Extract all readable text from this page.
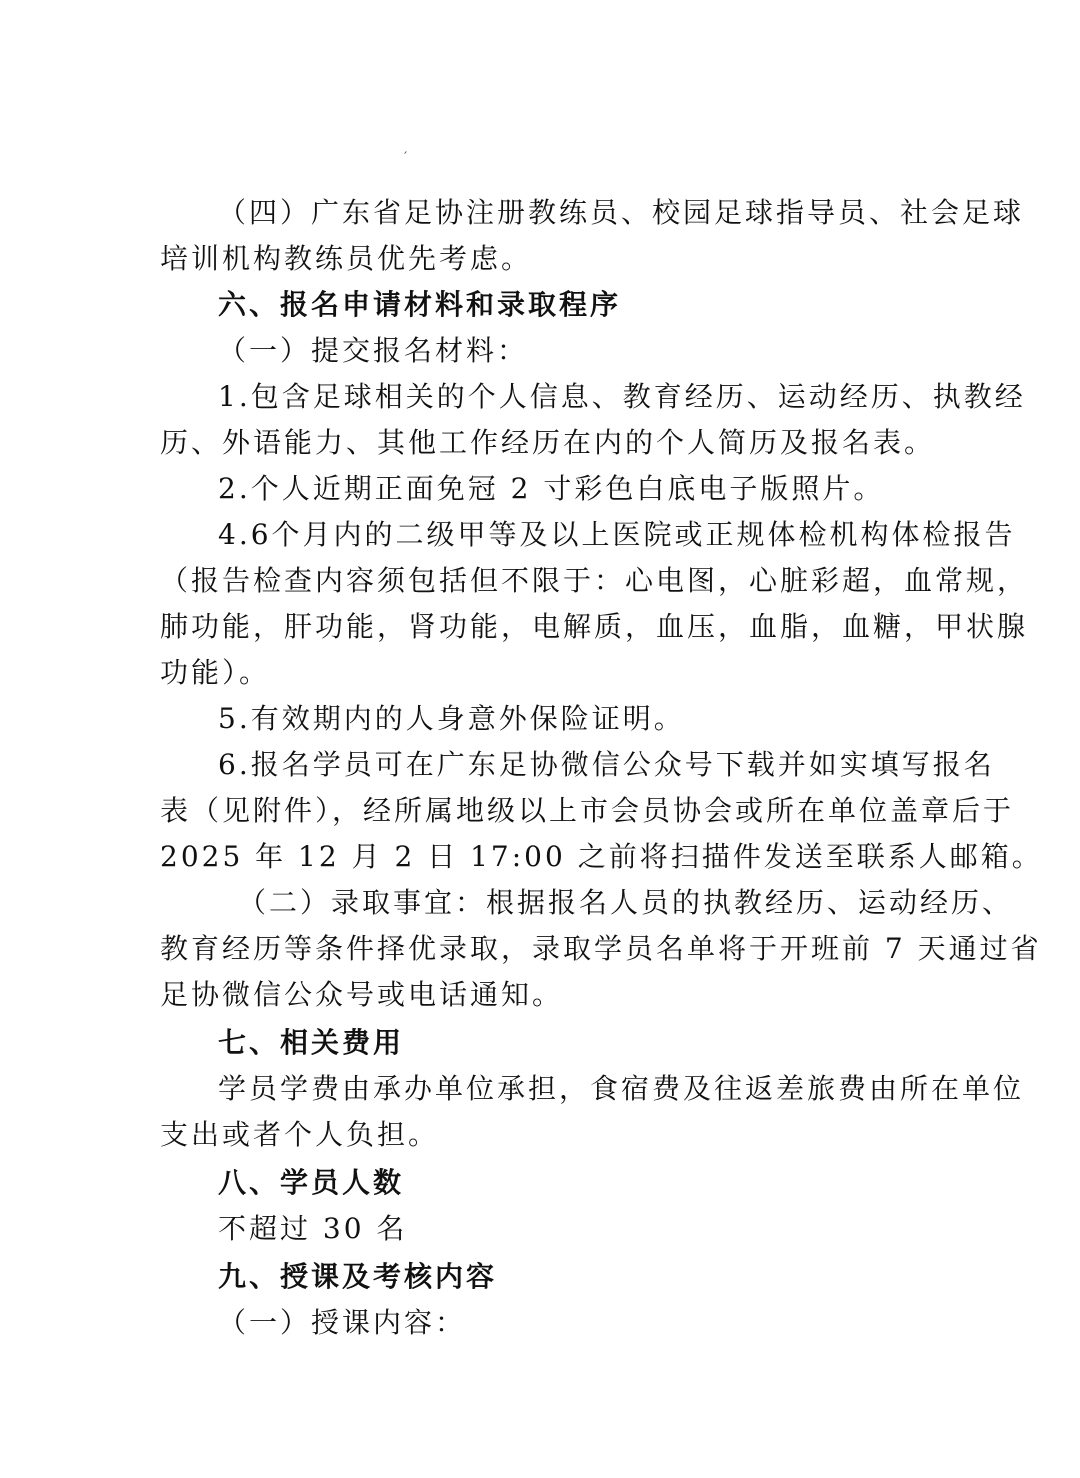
′
（四）广东省足协注册教练员、校园足球指导员、社会足球
培训机构教练员优先考虑。
六、报名申请材料和录取程序
（一）提交报名材料：
1.包含足球相关的个人信息、教育经历、运动经历、执教经
历、外语能力、其他工作经历在内的个人简历及报名表。
2.个人近期正面免冠 2 寸彩色白底电子版照片。
4.6个月内的二级甲等及以上医院或正规体检机构体检报告
（报告检查内容须包括但不限于：心电图，心脏彩超，血常规，
肺功能，肝功能，肾功能，电解质，血压，血脂，血糖，甲状腺
功能）。
5.有效期内的人身意外保险证明。
6.报名学员可在广东足协微信公众号下载并如实填写报名
表（见附件），经所属地级以上市会员协会或所在单位盖章后于
2025 年 12 月 2 日 17:00 之前将扫描件发送至联系人邮箱。
（二）录取事宜：根据报名人员的执教经历、运动经历、
教育经历等条件择优录取，录取学员名单将于开班前 7 天通过省
足协微信公众号或电话通知。
七、相关费用
学员学费由承办单位承担，食宿费及往返差旅费由所在单位
支出或者个人负担。
八、学员人数
不超过 30 名
九、授课及考核内容
（一）授课内容：
